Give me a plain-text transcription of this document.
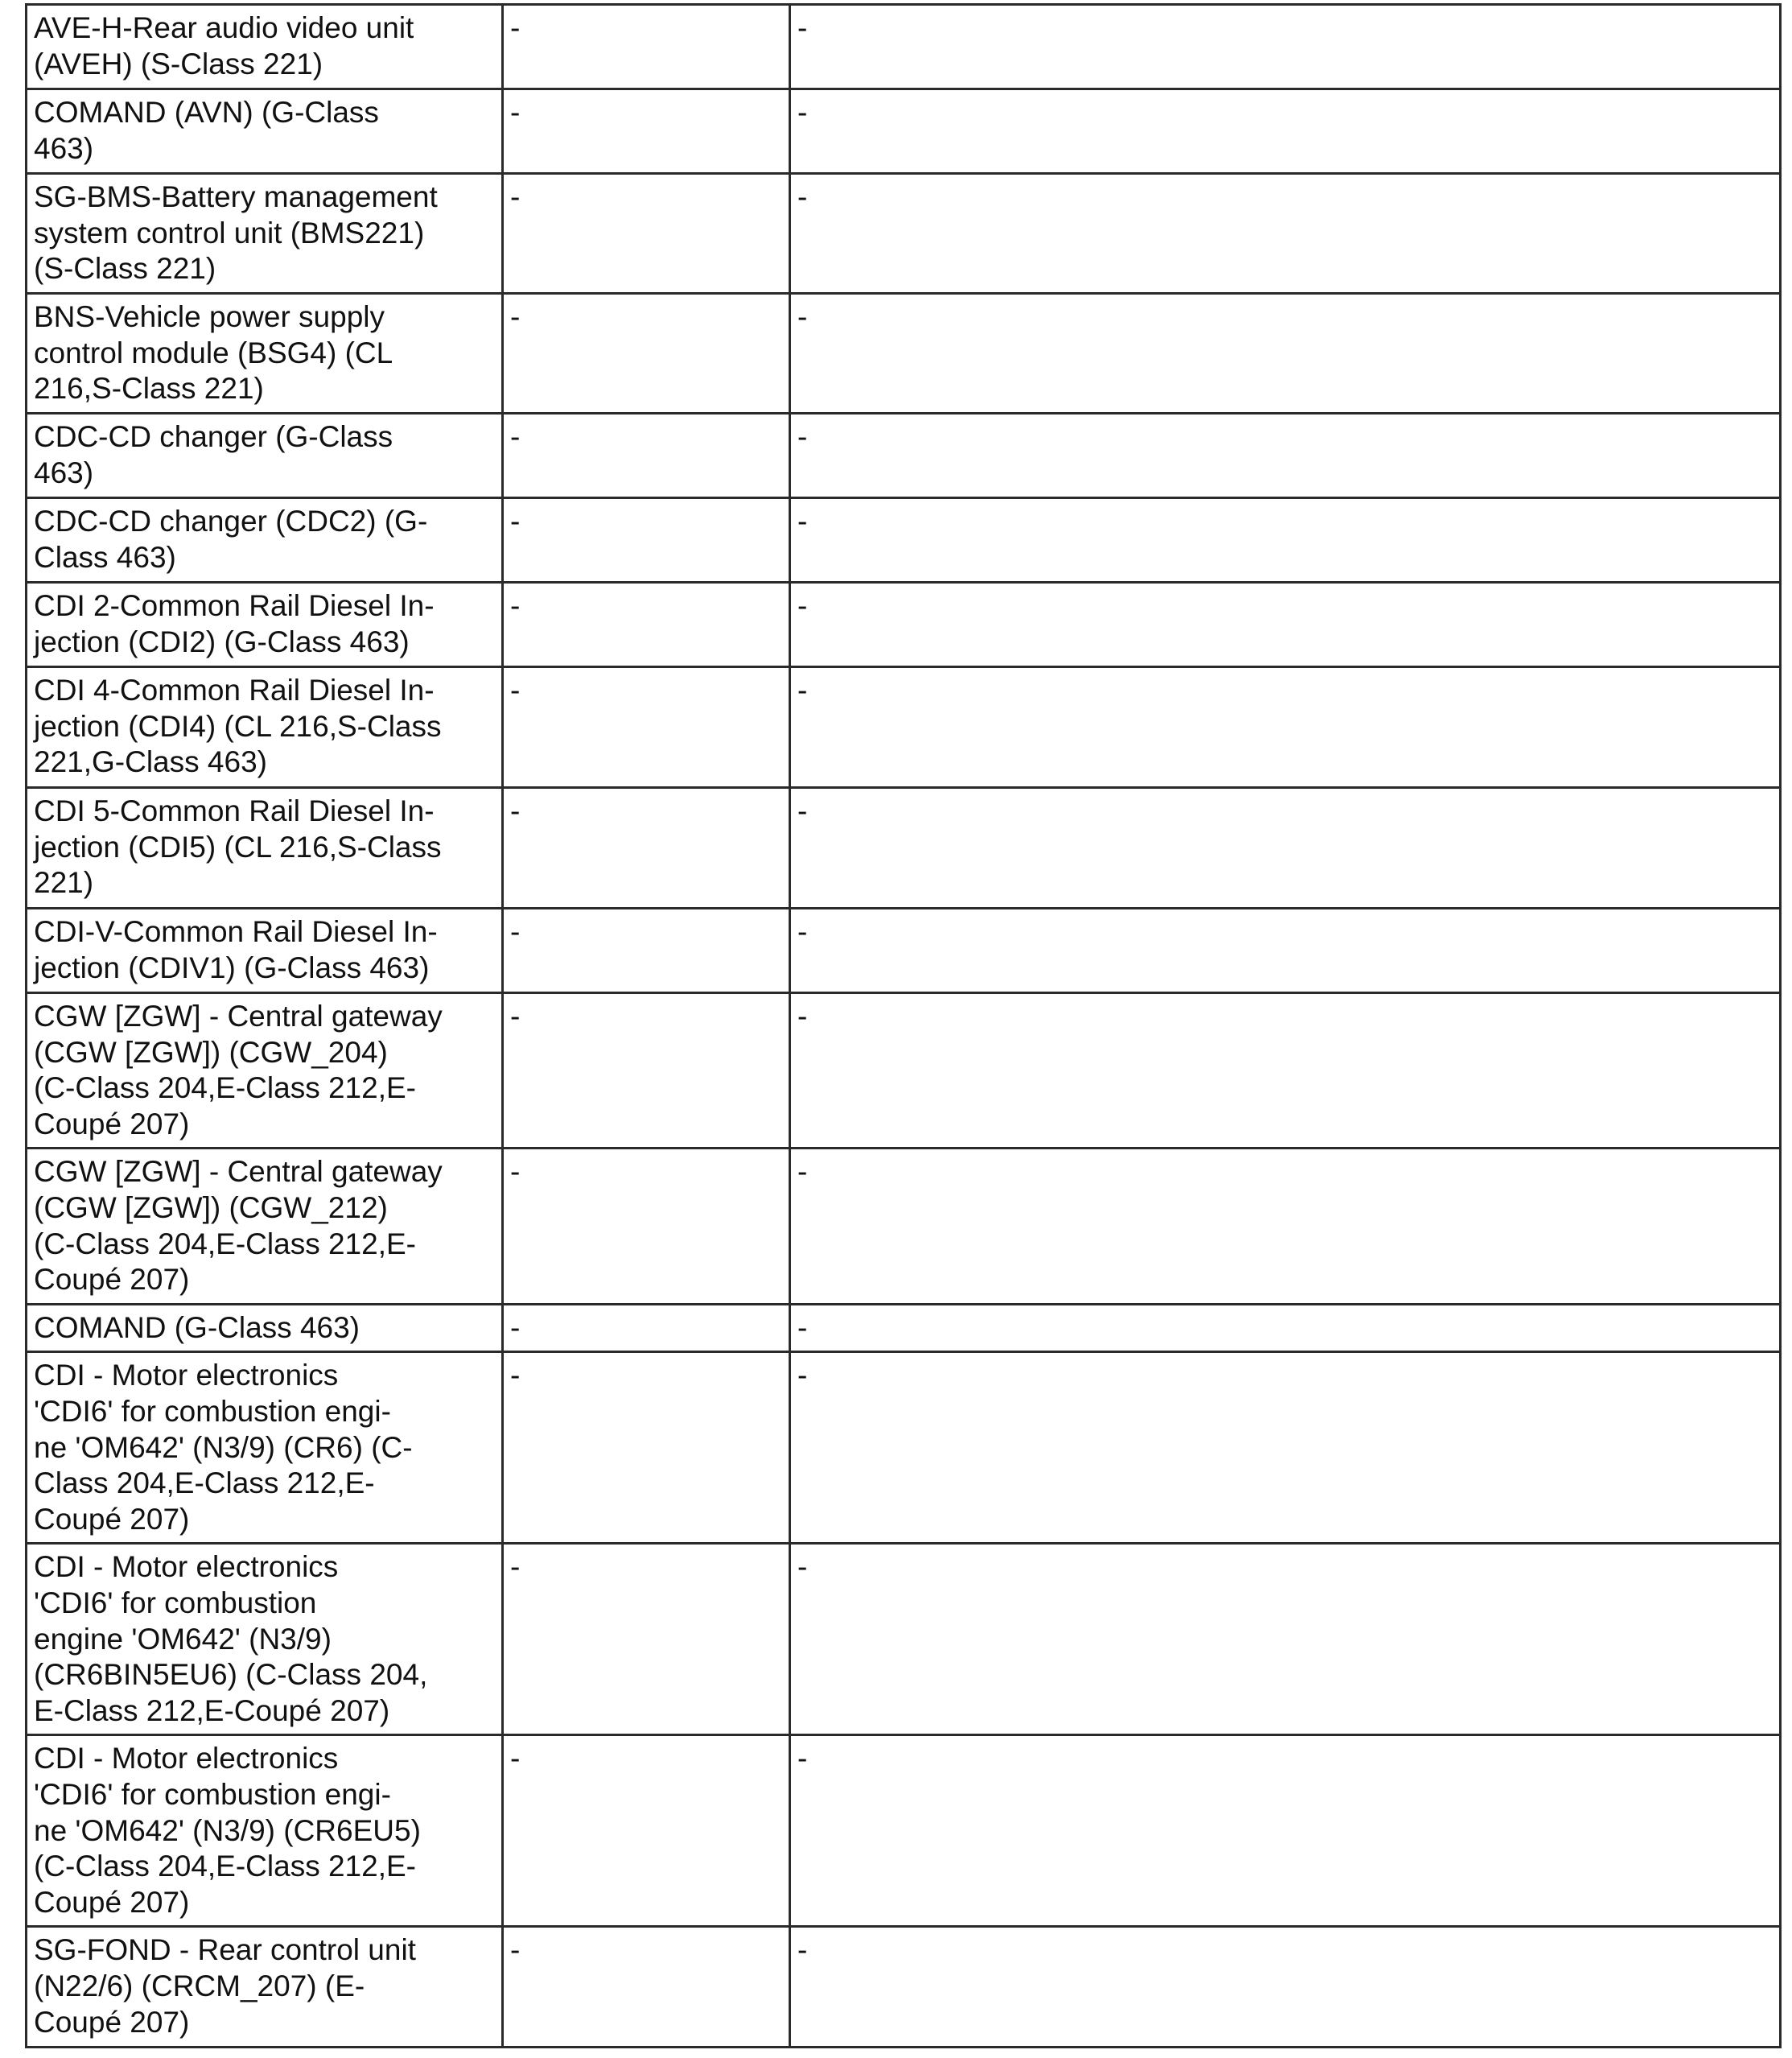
AVE-H-Rear audio video unit
(AVEH) (S-Class 221)	-	-
COMAND (AVN) (G-Class
463)	-	-
SG-BMS-Battery management
system control unit (BMS221)
(S-Class 221)	-	-
BNS-Vehicle power supply
control module (BSG4) (CL
216,S-Class 221)	-	-
CDC-CD changer (G-Class
463)	-	-
CDC-CD changer (CDC2) (G-
Class 463)	-	-
CDI 2-Common Rail Diesel In-
jection (CDI2) (G-Class 463)	-	-
CDI 4-Common Rail Diesel In-
jection (CDI4) (CL 216,S-Class
221,G-Class 463)	-	-
CDI 5-Common Rail Diesel In-
jection (CDI5) (CL 216,S-Class
221)	-	-
CDI-V-Common Rail Diesel In-
jection (CDIV1) (G-Class 463)	-	-
CGW [ZGW] - Central gateway
(CGW [ZGW]) (CGW_204)
(C-Class 204,E-Class 212,E-
Coupé 207)	-	-
CGW [ZGW] - Central gateway
(CGW [ZGW]) (CGW_212)
(C-Class 204,E-Class 212,E-
Coupé 207)	-	-
COMAND (G-Class 463)	-	-
CDI - Motor electronics
'CDI6' for combustion engi-
ne 'OM642' (N3/9) (CR6) (C-
Class 204,E-Class 212,E-
Coupé 207)	-	-
CDI - Motor electronics
'CDI6' for combustion
engine 'OM642' (N3/9)
(CR6BIN5EU6) (C-Class 204,
E-Class 212,E-Coupé 207)	-	-
CDI - Motor electronics
'CDI6' for combustion engi-
ne 'OM642' (N3/9) (CR6EU5)
(C-Class 204,E-Class 212,E-
Coupé 207)	-	-
SG-FOND - Rear control unit
(N22/6) (CRCM_207) (E-
Coupé 207)	-	-
